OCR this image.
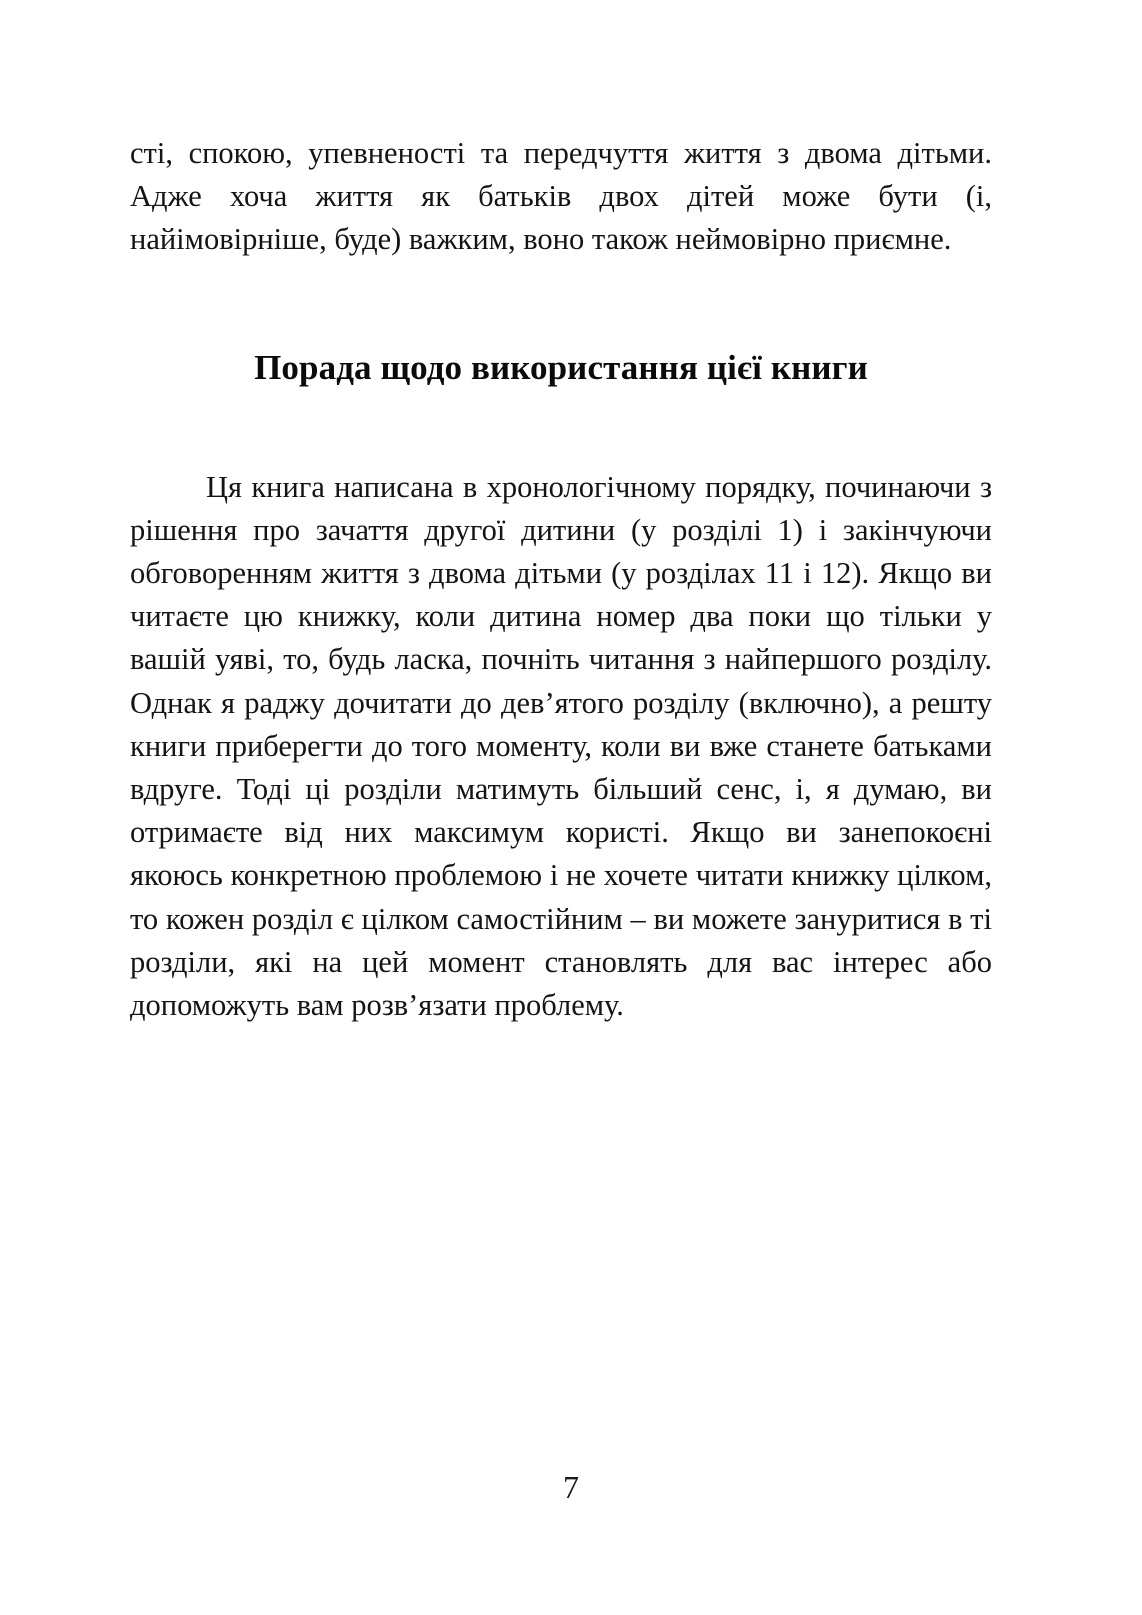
сті, спокою, упевненості та передчуття життя з двома дітьми. Адже хоча життя як батьків двох дітей може бути (і, найімовірніше, буде) важким, воно також неймовірно приємне.

Порада щодо використання цієї книги

Ця книга написана в хронологічному порядку, починаючи з рішення про зачаття другої дитини (у розділі 1) і закінчуючи обговоренням життя з двома дітьми (у розділах 11 і 12). Якщо ви читаєте цю книжку, коли дитина номер два поки що тільки у вашій уяві, то, будь ласка, почніть читання з найпершого розділу. Однак я раджу дочитати до дев’ятого розділу (включно), а решту книги приберегти до того моменту, коли ви вже станете батьками вдруге. Тоді ці розділи матимуть більший сенс, і, я думаю, ви отримаєте від них максимум користі. Якщо ви занепокоєні якоюсь конкретною проблемою і не хочете читати книжку цілком, то кожен розділ є цілком самостійним – ви можете зануритися в ті розділи, які на цей момент становлять для вас інтерес або допоможуть вам розв’язати проблему.

7
